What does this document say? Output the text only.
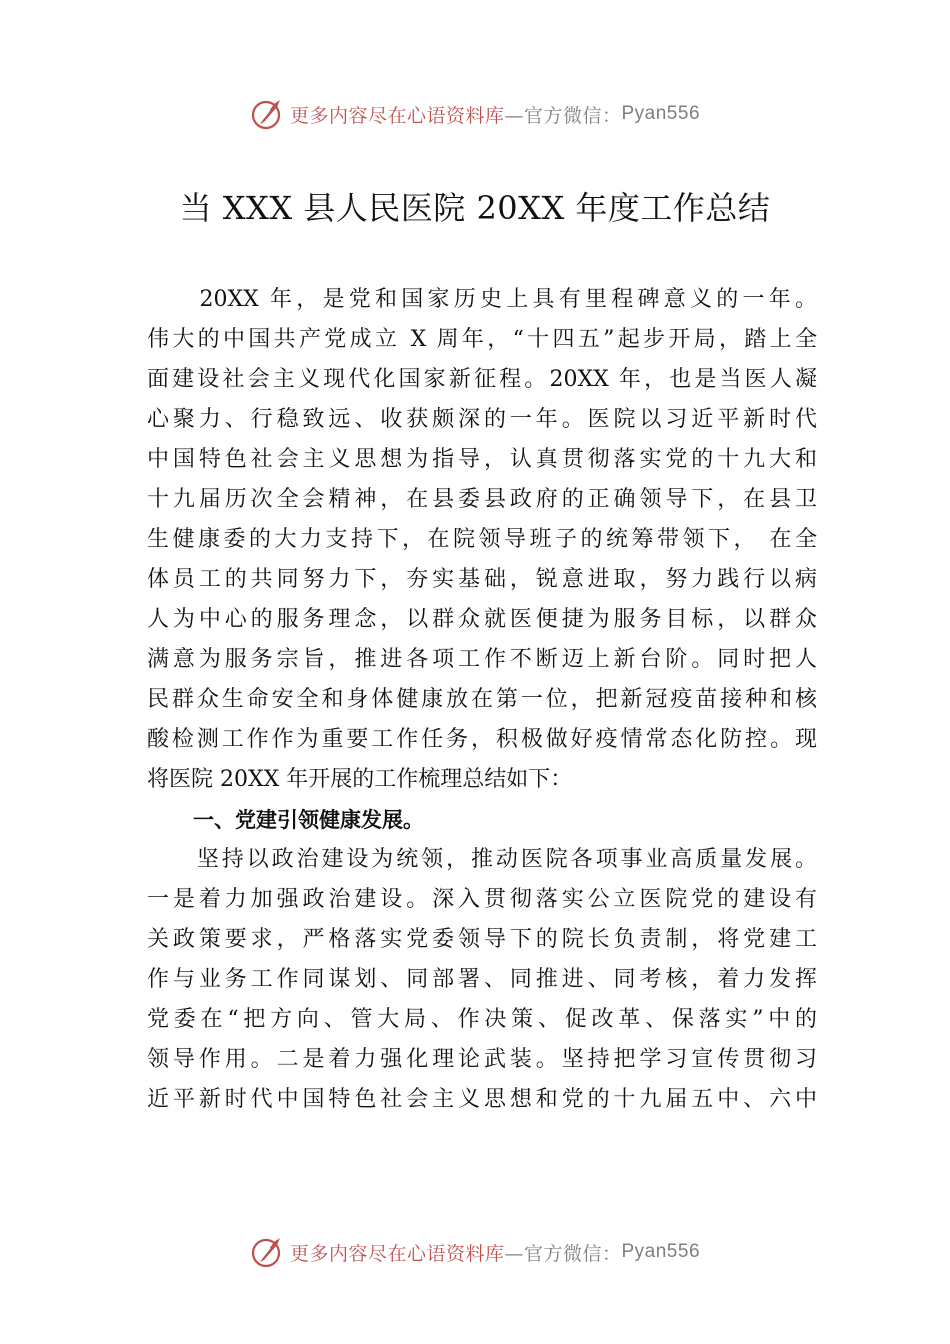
更多内容尽在心语资料库 —官方微信： Pyan556
当 XXX 县人民医院 20XX 年度工作总结
　　20XX 年，是党和国家历史上具有里程碑意义的一年。
伟大的中国共产党成立 X 周年，“十四五”起步开局，踏上全
面建设社会主义现代化国家新征程。20XX 年，也是当医人凝
心聚力、行稳致远、收获颇深的一年。医院以习近平新时代
中国特色社会主义思想为指导，认真贯彻落实党的十九大和
十九届历次全会精神，在县委县政府的正确领导下，在县卫
生健康委的大力支持下，在院领导班子的统筹带领下， 在全
体员工的共同努力下，夯实基础，锐意进取，努力践行以病
人为中心的服务理念，以群众就医便捷为服务目标，以群众
满意为服务宗旨，推进各项工作不断迈上新台阶。同时把人
民群众生命安全和身体健康放在第一位，把新冠疫苗接种和核
酸检测工作作为重要工作任务，积极做好疫情常态化防控。现
将医院 20XX 年开展的工作梳理总结如下：
一、党建引领健康发展。
　　坚持以政治建设为统领，推动医院各项事业高质量发展。
一是着力加强政治建设。深入贯彻落实公立医院党的建设有
关政策要求，严格落实党委领导下的院长负责制，将党建工
作与业务工作同谋划、同部署、同推进、同考核，着力发挥
党委在“把方向、管大局、作决策、促改革、保落实”中的
领导作用。二是着力强化理论武装。坚持把学习宣传贯彻习
近平新时代中国特色社会主义思想和党的十九届五中、六中
更多内容尽在心语资料库 —官方微信： Pyan556
